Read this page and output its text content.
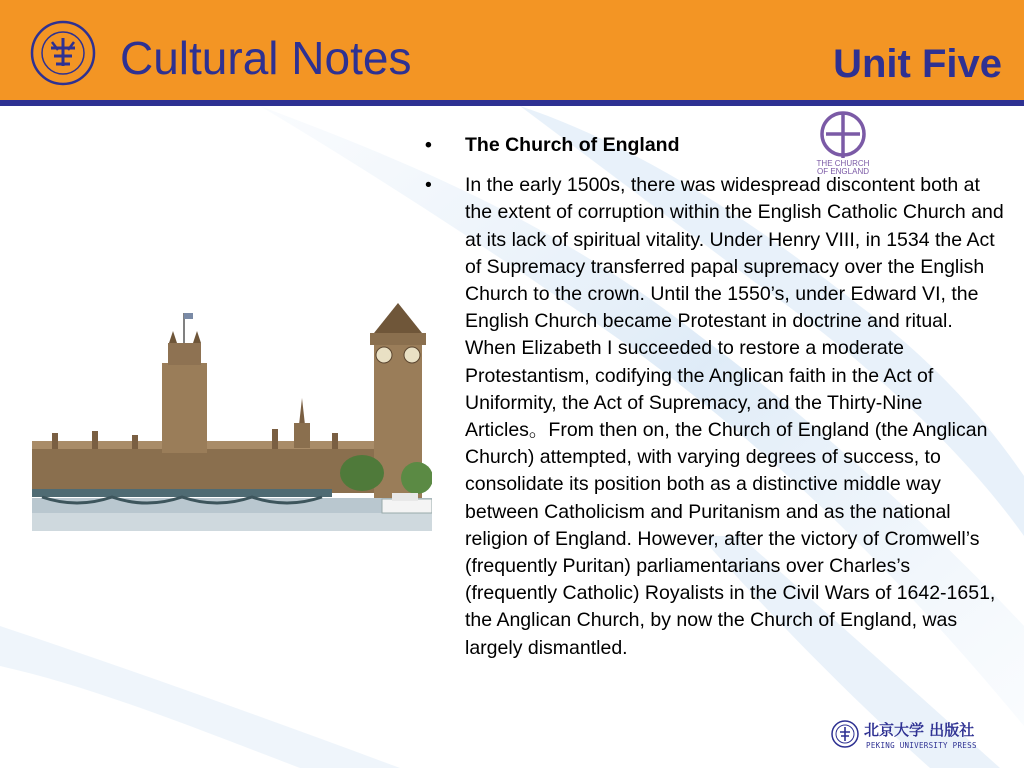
Cultural Notes	Unit Five
THE CHURCH
OF ENGLAND
• The Church of England
• In the early 1500s, there was widespread discontent both at the extent of corruption within the English Catholic Church and at its lack of spiritual vitality. Under Henry VIII, in 1534 the Act of Supremacy transferred papal supremacy over the English Church to the crown. Until the 1550’s, under Edward VI, the English Church became Protestant in doctrine and ritual. When Elizabeth I succeeded to restore a moderate Protestantism, codifying the Anglican faith in the Act of Uniformity, the Act of Supremacy, and the Thirty-Nine Articles。From then on, the Church of England (the Anglican Church) attempted, with varying degrees of success, to consolidate its position both as a distinctive middle way between Catholicism and Puritanism and as the national religion of England. However, after the victory of Cromwell’s (frequently Puritan) parliamentarians over Charles’s (frequently Catholic) Royalists in the Civil Wars of 1642-1651, the Anglican Church, by now the Church of England, was largely dismantled.
北京大学 出版社
PEKING UNIVERSITY PRESS
